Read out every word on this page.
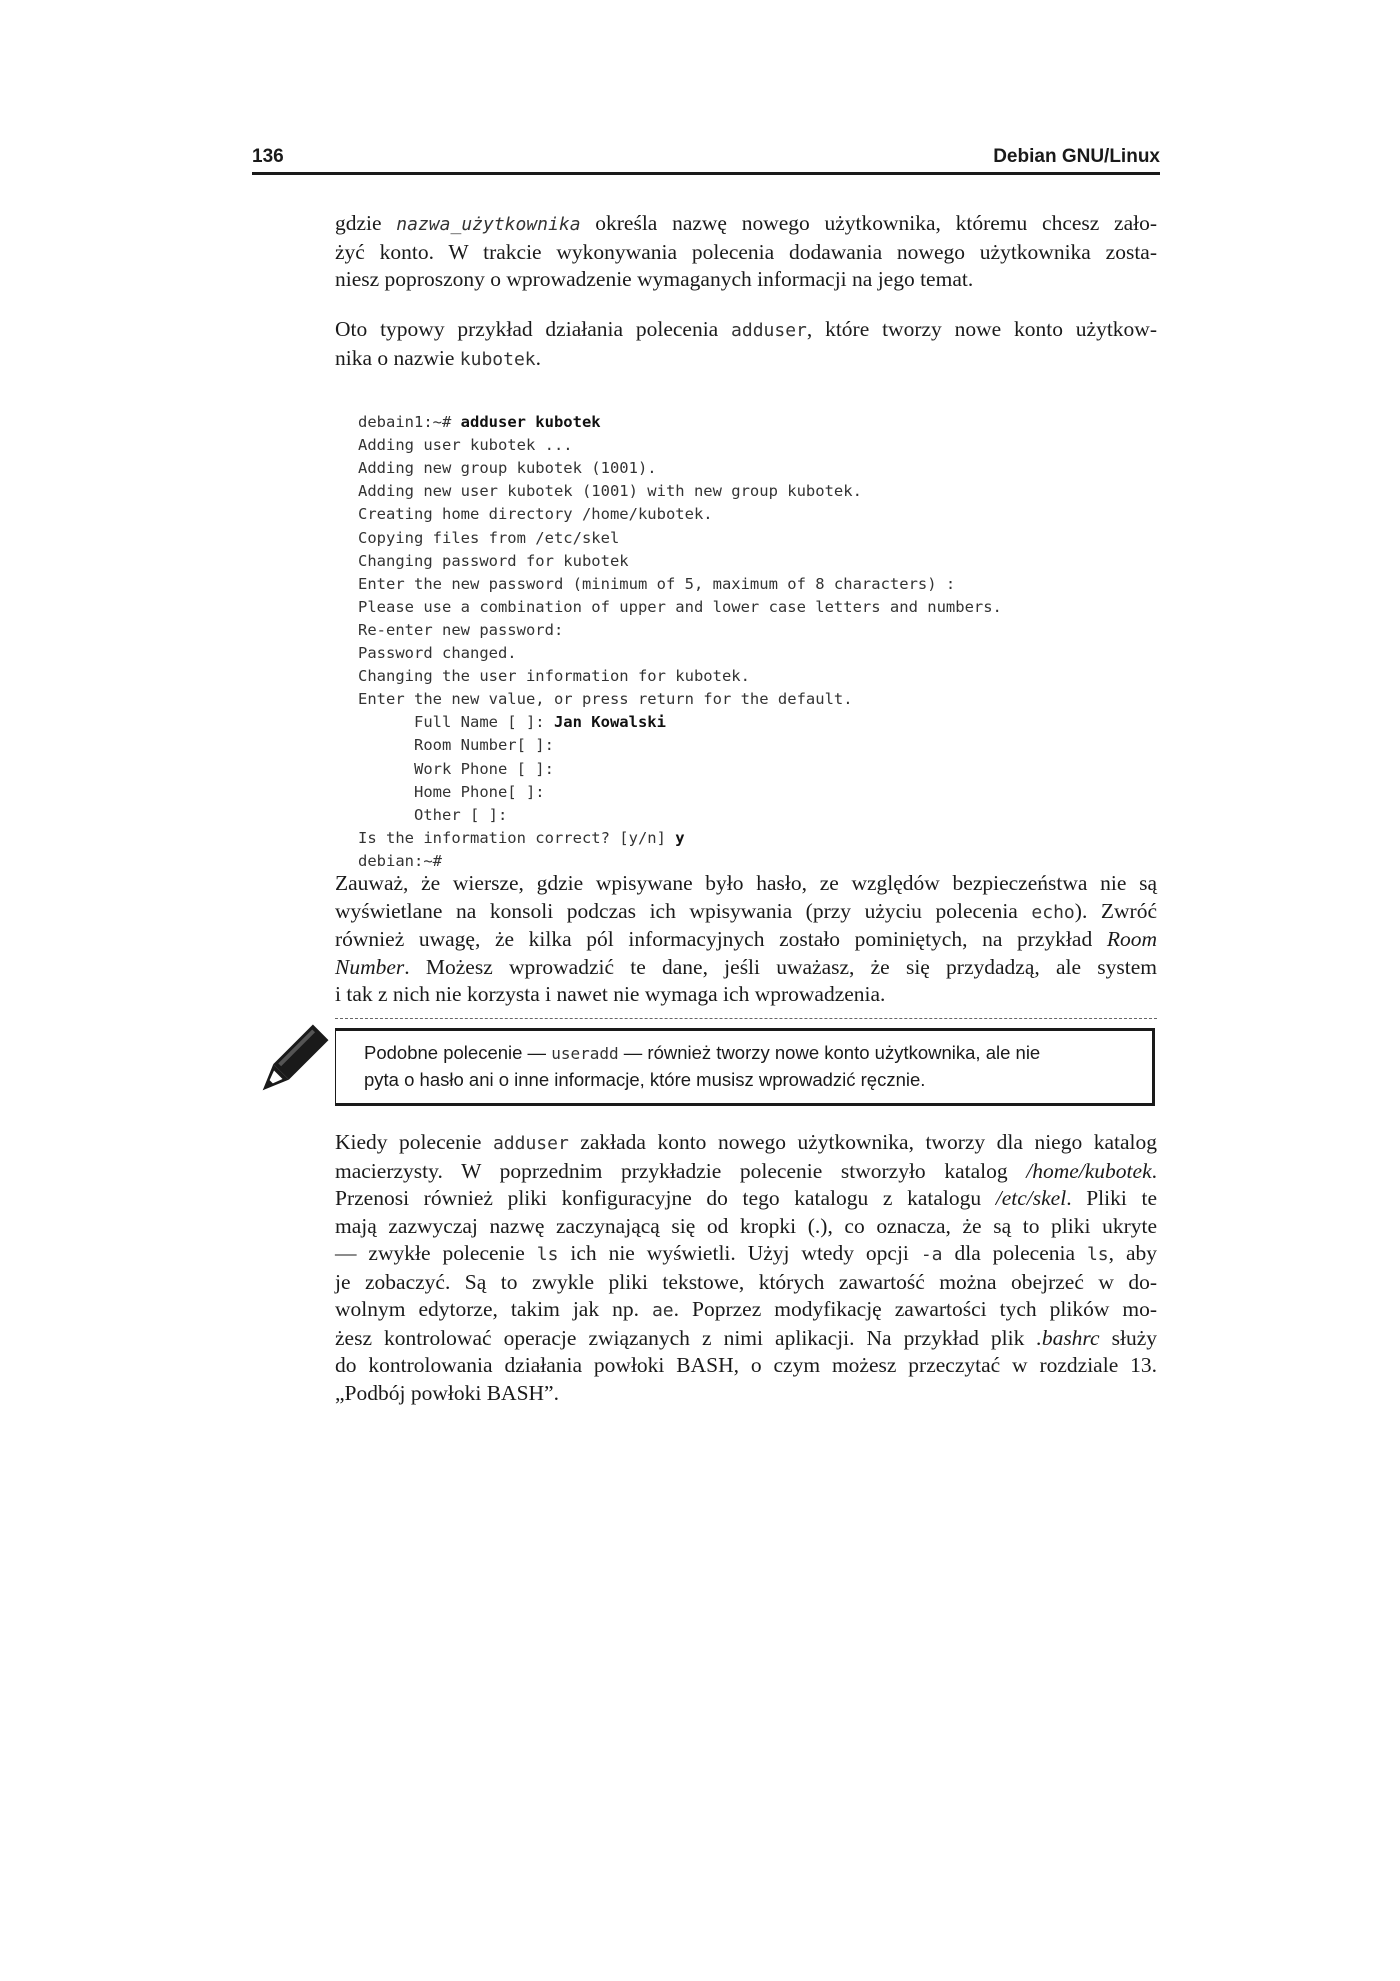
136	Debian GNU/Linux
gdzie nazwa_użytkownika określa nazwę nowego użytkownika, któremu chcesz zało-
żyć konto. W trakcie wykonywania polecenia dodawania nowego użytkownika zosta-
niesz poproszony o wprowadzenie wymaganych informacji na jego temat.
Oto typowy przykład działania polecenia adduser, które tworzy nowe konto użytkow-
nika o nazwie kubotek.

debain1:~# adduser kubotek
Adding user kubotek ...
Adding new group kubotek (1001).
Adding new user kubotek (1001) with new group kubotek.
Creating home directory /home/kubotek.
Copying files from /etc/skel
Changing password for kubotek
Enter the new password (minimum of 5, maximum of 8 characters) :
Please use a combination of upper and lower case letters and numbers.
Re-enter new password:
Password changed.
Changing the user information for kubotek.
Enter the new value, or press return for the default.
Full Name [ ]: Jan Kowalski
Room Number[ ]:
Work Phone [ ]:
Home Phone[ ]:
Other [ ]:
Is the information correct? [y/n] y
debian:~#
Zauważ, że wiersze, gdzie wpisywane było hasło, ze względów bezpieczeństwa nie są
wyświetlane na konsoli podczas ich wpisywania (przy użyciu polecenia echo). Zwróć
również uwagę, że kilka pól informacyjnych zostało pominiętych, na przykład Room
Number. Możesz wprowadzić te dane, jeśli uważasz, że się przydadzą, ale system
i tak z nich nie korzysta i nawet nie wymaga ich wprowadzenia.
Podobne polecenie — useradd — również tworzy nowe konto użytkownika, ale nie
pyta o hasło ani o inne informacje, które musisz wprowadzić ręcznie.
Kiedy polecenie adduser zakłada konto nowego użytkownika, tworzy dla niego katalog
macierzysty. W poprzednim przykładzie polecenie stworzyło katalog /home/kubotek.
Przenosi również pliki konfiguracyjne do tego katalogu z katalogu /etc/skel. Pliki te
mają zazwyczaj nazwę zaczynającą się od kropki (.), co oznacza, że są to pliki ukryte
— zwykłe polecenie ls ich nie wyświetli. Użyj wtedy opcji -a dla polecenia ls, aby
je zobaczyć. Są to zwykle pliki tekstowe, których zawartość można obejrzeć w do-
wolnym edytorze, takim jak np. ae. Poprzez modyfikację zawartości tych plików mo-
żesz kontrolować operacje związanych z nimi aplikacji. Na przykład plik .bashrc służy
do kontrolowania działania powłoki BASH, o czym możesz przeczytać w rozdziale 13.
„Podbój powłoki BASH”.
